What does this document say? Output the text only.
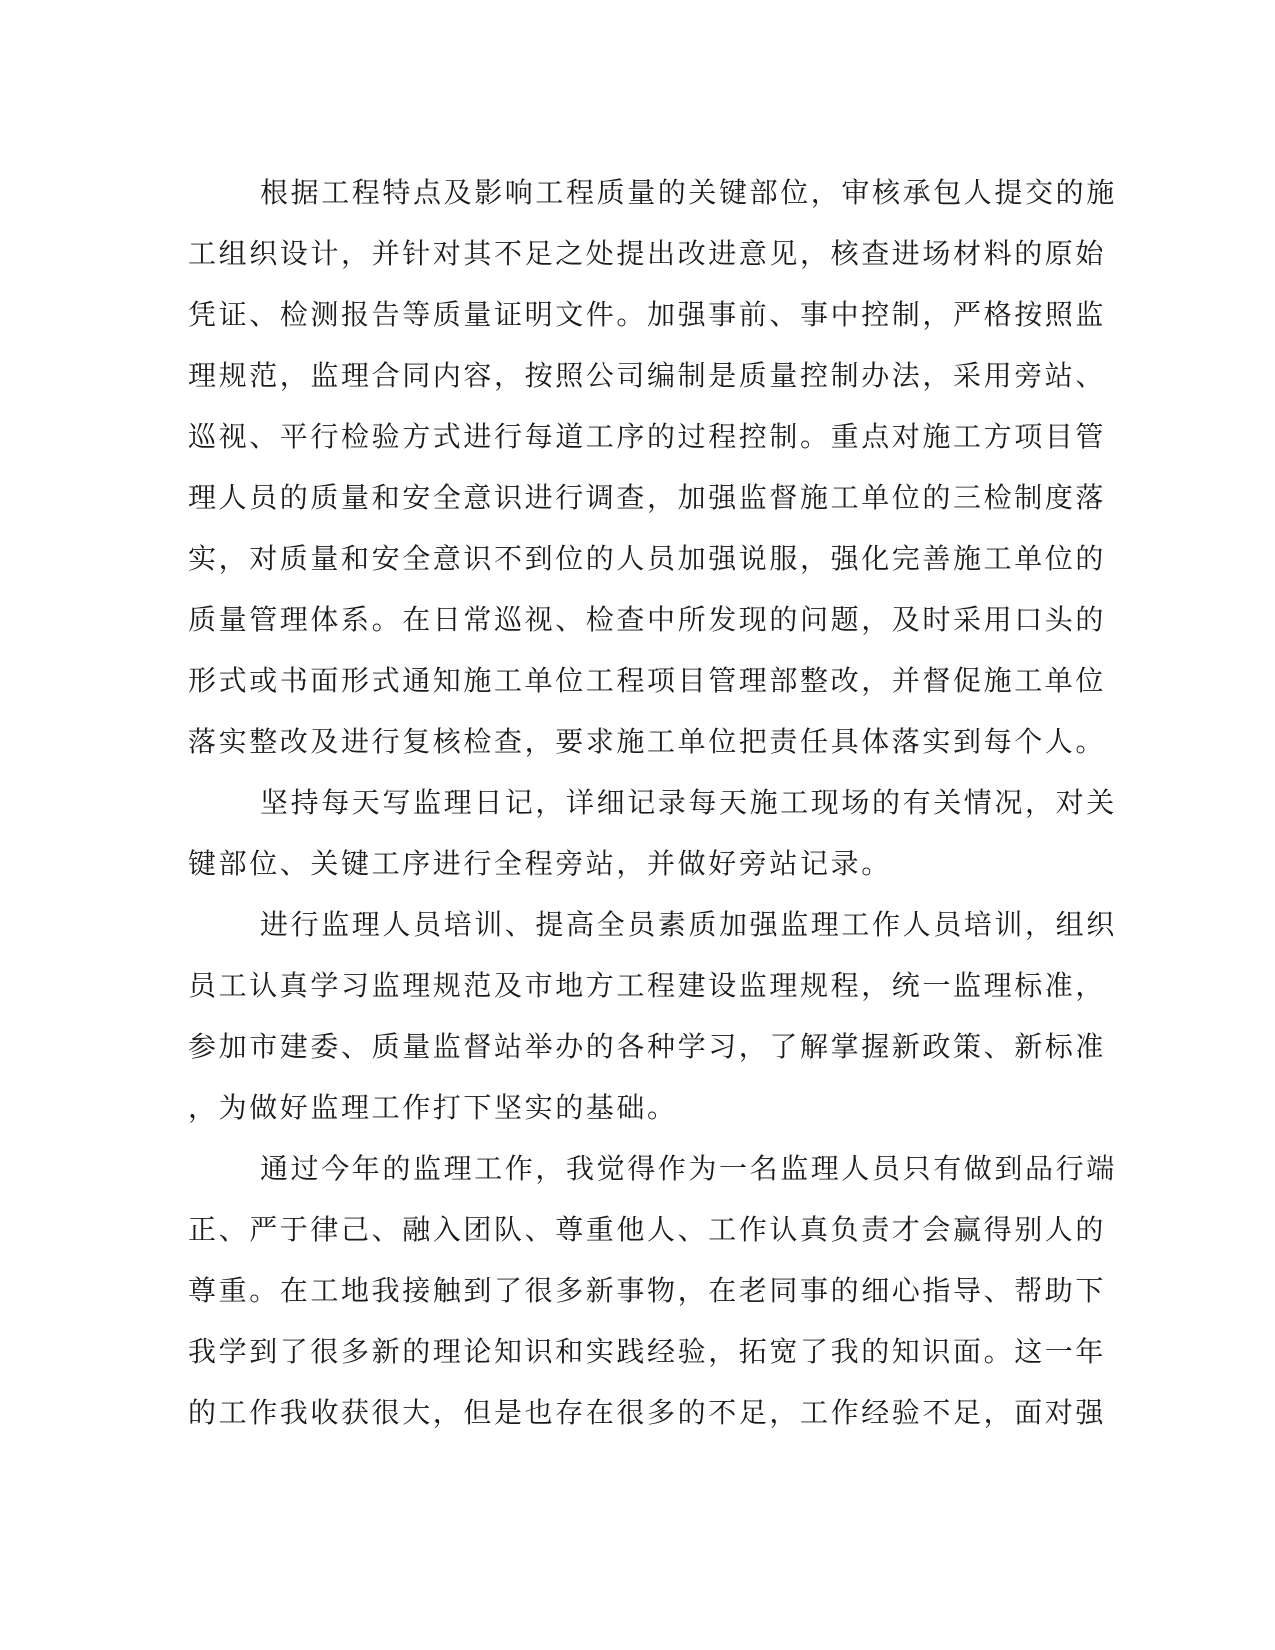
根据工程特点及影响工程质量的关键部位，审核承包人提交的施
工组织设计，并针对其不足之处提出改进意见，核查进场材料的原始
凭证、检测报告等质量证明文件。加强事前、事中控制，严格按照监
理规范，监理合同内容，按照公司编制是质量控制办法，采用旁站、
巡视、平行检验方式进行每道工序的过程控制。重点对施工方项目管
理人员的质量和安全意识进行调查，加强监督施工单位的三检制度落
实，对质量和安全意识不到位的人员加强说服，强化完善施工单位的
质量管理体系。在日常巡视、检查中所发现的问题，及时采用口头的
形式或书面形式通知施工单位工程项目管理部整改，并督促施工单位
落实整改及进行复核检查，要求施工单位把责任具体落实到每个人。
坚持每天写监理日记，详细记录每天施工现场的有关情况，对关
键部位、关键工序进行全程旁站，并做好旁站记录。
进行监理人员培训、提高全员素质加强监理工作人员培训，组织
员工认真学习监理规范及市地方工程建设监理规程，统一监理标准，
参加市建委、质量监督站举办的各种学习，了解掌握新政策、新标准
，为做好监理工作打下坚实的基础。
通过今年的监理工作，我觉得作为一名监理人员只有做到品行端
正、严于律己、融入团队、尊重他人、工作认真负责才会赢得别人的
尊重。在工地我接触到了很多新事物，在老同事的细心指导、帮助下
我学到了很多新的理论知识和实践经验，拓宽了我的知识面。这一年
的工作我收获很大，但是也存在很多的不足，工作经验不足，面对强
